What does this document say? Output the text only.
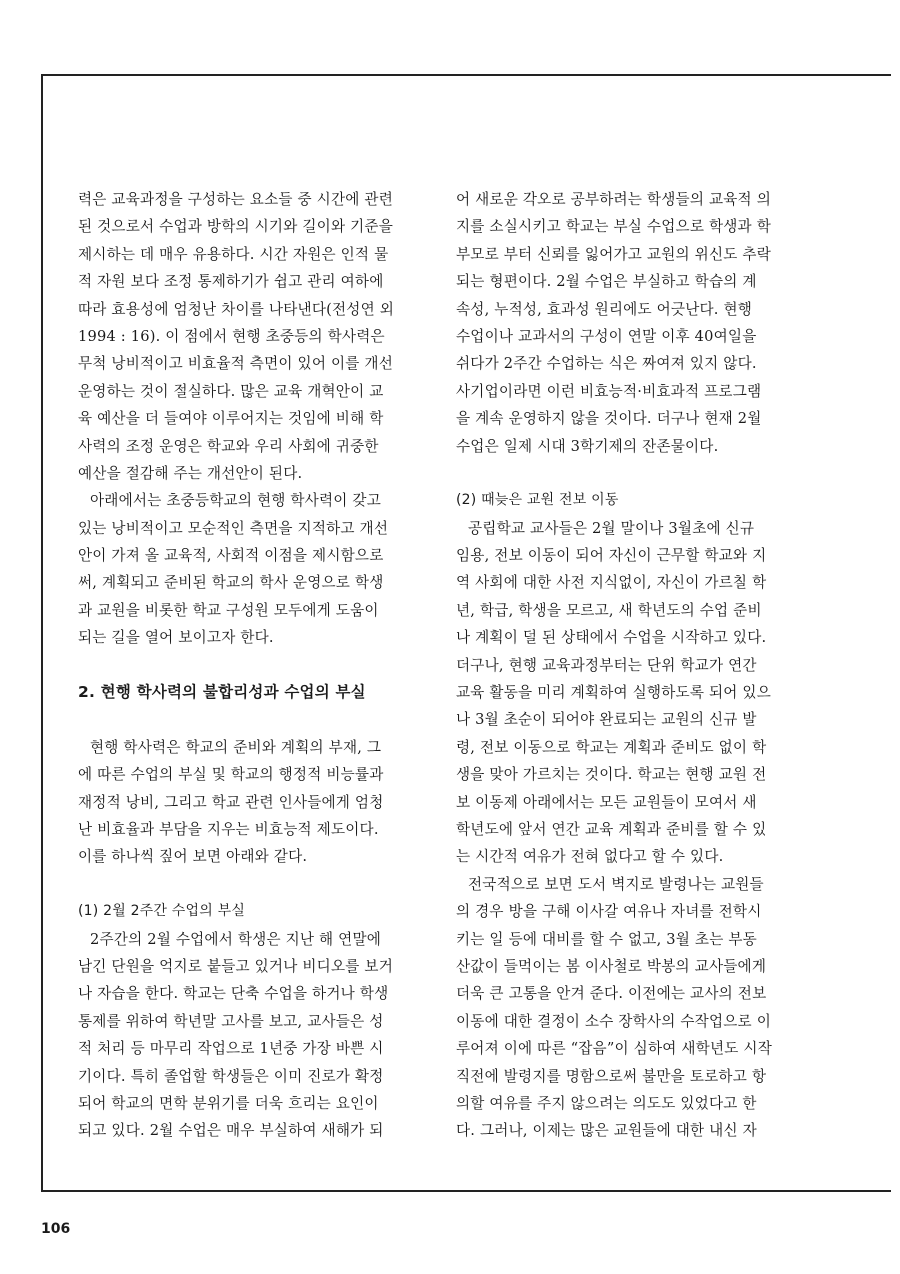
력은 교육과정을 구성하는 요소들 중 시간에 관련
된 것으로서 수업과 방학의 시기와 길이와 기준을
제시하는 데 매우 유용하다. 시간 자원은 인적 물
적 자원 보다 조정 통제하기가 쉽고 관리 여하에
따라 효용성에 엄청난 차이를 나타낸다(전성연 외
1994 : 16). 이 점에서 현행 초중등의 학사력은
무척 낭비적이고 비효율적 측면이 있어 이를 개선
운영하는 것이 절실하다. 많은 교육 개혁안이 교
육 예산을 더 들여야 이루어지는 것임에 비해 학
사력의 조정 운영은 학교와 우리 사회에 귀중한
예산을 절감해 주는 개선안이 된다.
아래에서는 초중등학교의 현행 학사력이 갖고
있는 낭비적이고 모순적인 측면을 지적하고 개선
안이 가져 올 교육적, 사회적 이점을 제시함으로
써, 계획되고 준비된 학교의 학사 운영으로 학생
과 교원을 비롯한 학교 구성원 모두에게 도움이
되는 길을 열어 보이고자 한다.
2. 현행 학사력의 불합리성과 수업의 부실
현행 학사력은 학교의 준비와 계획의 부재, 그
에 따른 수업의 부실 및 학교의 행정적 비능률과
재정적 낭비, 그리고 학교 관련 인사들에게 엄청
난 비효율과 부담을 지우는 비효능적 제도이다.
이를 하나씩 짚어 보면 아래와 같다.
(1) 2월 2주간 수업의 부실
2주간의 2월 수업에서 학생은 지난 해 연말에
남긴 단원을 억지로 붙들고 있거나 비디오를 보거
나 자습을 한다. 학교는 단축 수업을 하거나 학생
통제를 위하여 학년말 고사를 보고, 교사들은 성
적 처리 등 마무리 작업으로 1년중 가장 바쁜 시
기이다. 특히 졸업할 학생들은 이미 진로가 확정
되어 학교의 면학 분위기를 더욱 흐리는 요인이
되고 있다. 2월 수업은 매우 부실하여 새해가 되
어 새로운 각오로 공부하려는 학생들의 교육적 의
지를 소실시키고 학교는 부실 수업으로 학생과 학
부모로 부터 신뢰를 잃어가고 교원의 위신도 추락
되는 형편이다. 2월 수업은 부실하고 학습의 계
속성, 누적성, 효과성 원리에도 어긋난다. 현행
수업이나 교과서의 구성이 연말 이후 40여일을
쉬다가 2주간 수업하는 식은 짜여져 있지 않다.
사기업이라면 이런 비효능적·비효과적 프로그램
을 계속 운영하지 않을 것이다. 더구나 현재 2월
수업은 일제 시대 3학기제의 잔존물이다.
(2) 때늦은 교원 전보 이동
공립학교 교사들은 2월 말이나 3월초에 신규
임용, 전보 이동이 되어 자신이 근무할 학교와 지
역 사회에 대한 사전 지식없이, 자신이 가르칠 학
년, 학급, 학생을 모르고, 새 학년도의 수업 준비
나 계획이 덜 된 상태에서 수업을 시작하고 있다.
더구나, 현행 교육과정부터는 단위 학교가 연간
교육 활동을 미리 계획하여 실행하도록 되어 있으
나 3월 초순이 되어야 완료되는 교원의 신규 발
령, 전보 이동으로 학교는 계획과 준비도 없이 학
생을 맞아 가르치는 것이다. 학교는 현행 교원 전
보 이동제 아래에서는 모든 교원들이 모여서 새
학년도에 앞서 연간 교육 계획과 준비를 할 수 있
는 시간적 여유가 전혀 없다고 할 수 있다.
전국적으로 보면 도서 벽지로 발령나는 교원들
의 경우 방을 구해 이사갈 여유나 자녀를 전학시
키는 일 등에 대비를 할 수 없고, 3월 초는 부동
산값이 들먹이는 봄 이사철로 박봉의 교사들에게
더욱 큰 고통을 안겨 준다. 이전에는 교사의 전보
이동에 대한 결정이 소수 장학사의 수작업으로 이
루어져 이에 따른 “잡음”이 심하여 새학년도 시작
직전에 발령지를 명함으로써 불만을 토로하고 항
의할 여유를 주지 않으려는 의도도 있었다고 한
다. 그러나, 이제는 많은 교원들에 대한 내신 자
106
